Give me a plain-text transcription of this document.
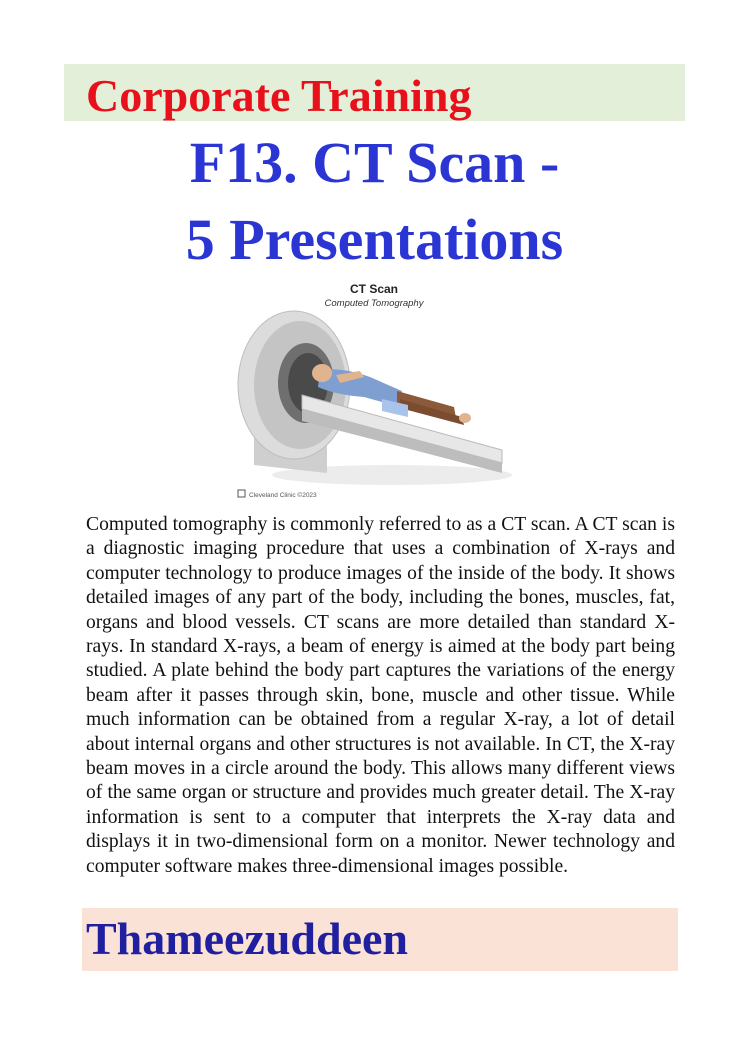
Corporate Training

F13. CT Scan -

5 Presentations

CT Scan
Computed Tomography
Cleveland Clinic ©2023

Computed tomography is commonly referred to as a CT scan. A CT scan is a diagnostic imaging procedure that uses a combination of X-rays and computer technology to produce images of the inside of the body. It shows detailed images of any part of the body, including the bones, muscles, fat, organs and blood vessels. CT scans are more detailed than standard X-rays. In standard X-rays, a beam of energy is aimed at the body part being studied. A plate behind the body part captures the variations of the energy beam after it passes through skin, bone, muscle and other tissue. While much information can be obtained from a regular X-ray, a lot of detail about internal organs and other structures is not available. In CT, the X-ray beam moves in a circle around the body. This allows many different views of the same organ or structure and provides much greater detail. The X-ray information is sent to a computer that interprets the X-ray data and displays it in two-dimensional form on a monitor. Newer technology and computer software makes three-dimensional images possible.

Thameezuddeen
